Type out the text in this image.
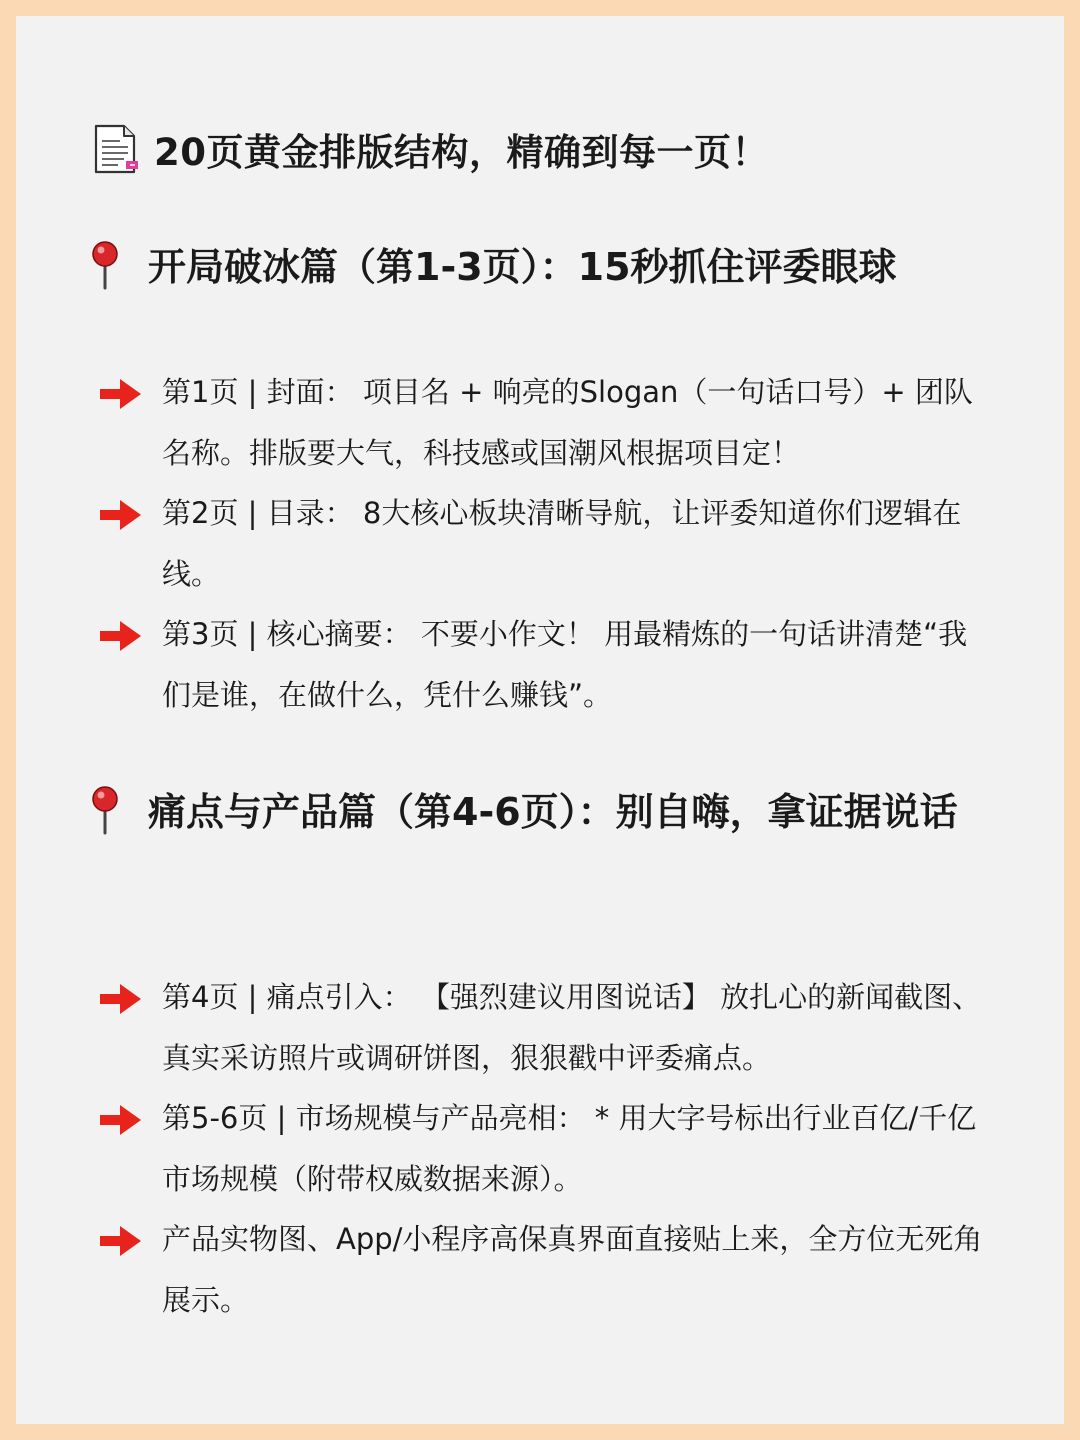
20页黄金排版结构，精确到每一页！
开局破冰篇（第1-3页）：15秒抓住评委眼球
第1页 | 封面： 项目名 + 响亮的Slogan（一句话口号）+ 团队名称。排版要大气，科技感或国潮风根据项目定！
第2页 | 目录： 8大核心板块清晰导航，让评委知道你们逻辑在线。
第3页 | 核心摘要： 不要小作文！ 用最精炼的一句话讲清楚“我们是谁，在做什么，凭什么赚钱”。
痛点与产品篇（第4-6页）：别自嗨，拿证据说话
第4页 | 痛点引入： 【强烈建议用图说话】 放扎心的新闻截图、真实采访照片或调研饼图，狠狠戳中评委痛点。
第5-6页 | 市场规模与产品亮相： * 用大字号标出行业百亿/千亿市场规模（附带权威数据来源）。
产品实物图、App/小程序高保真界面直接贴上来，全方位无死角展示。
